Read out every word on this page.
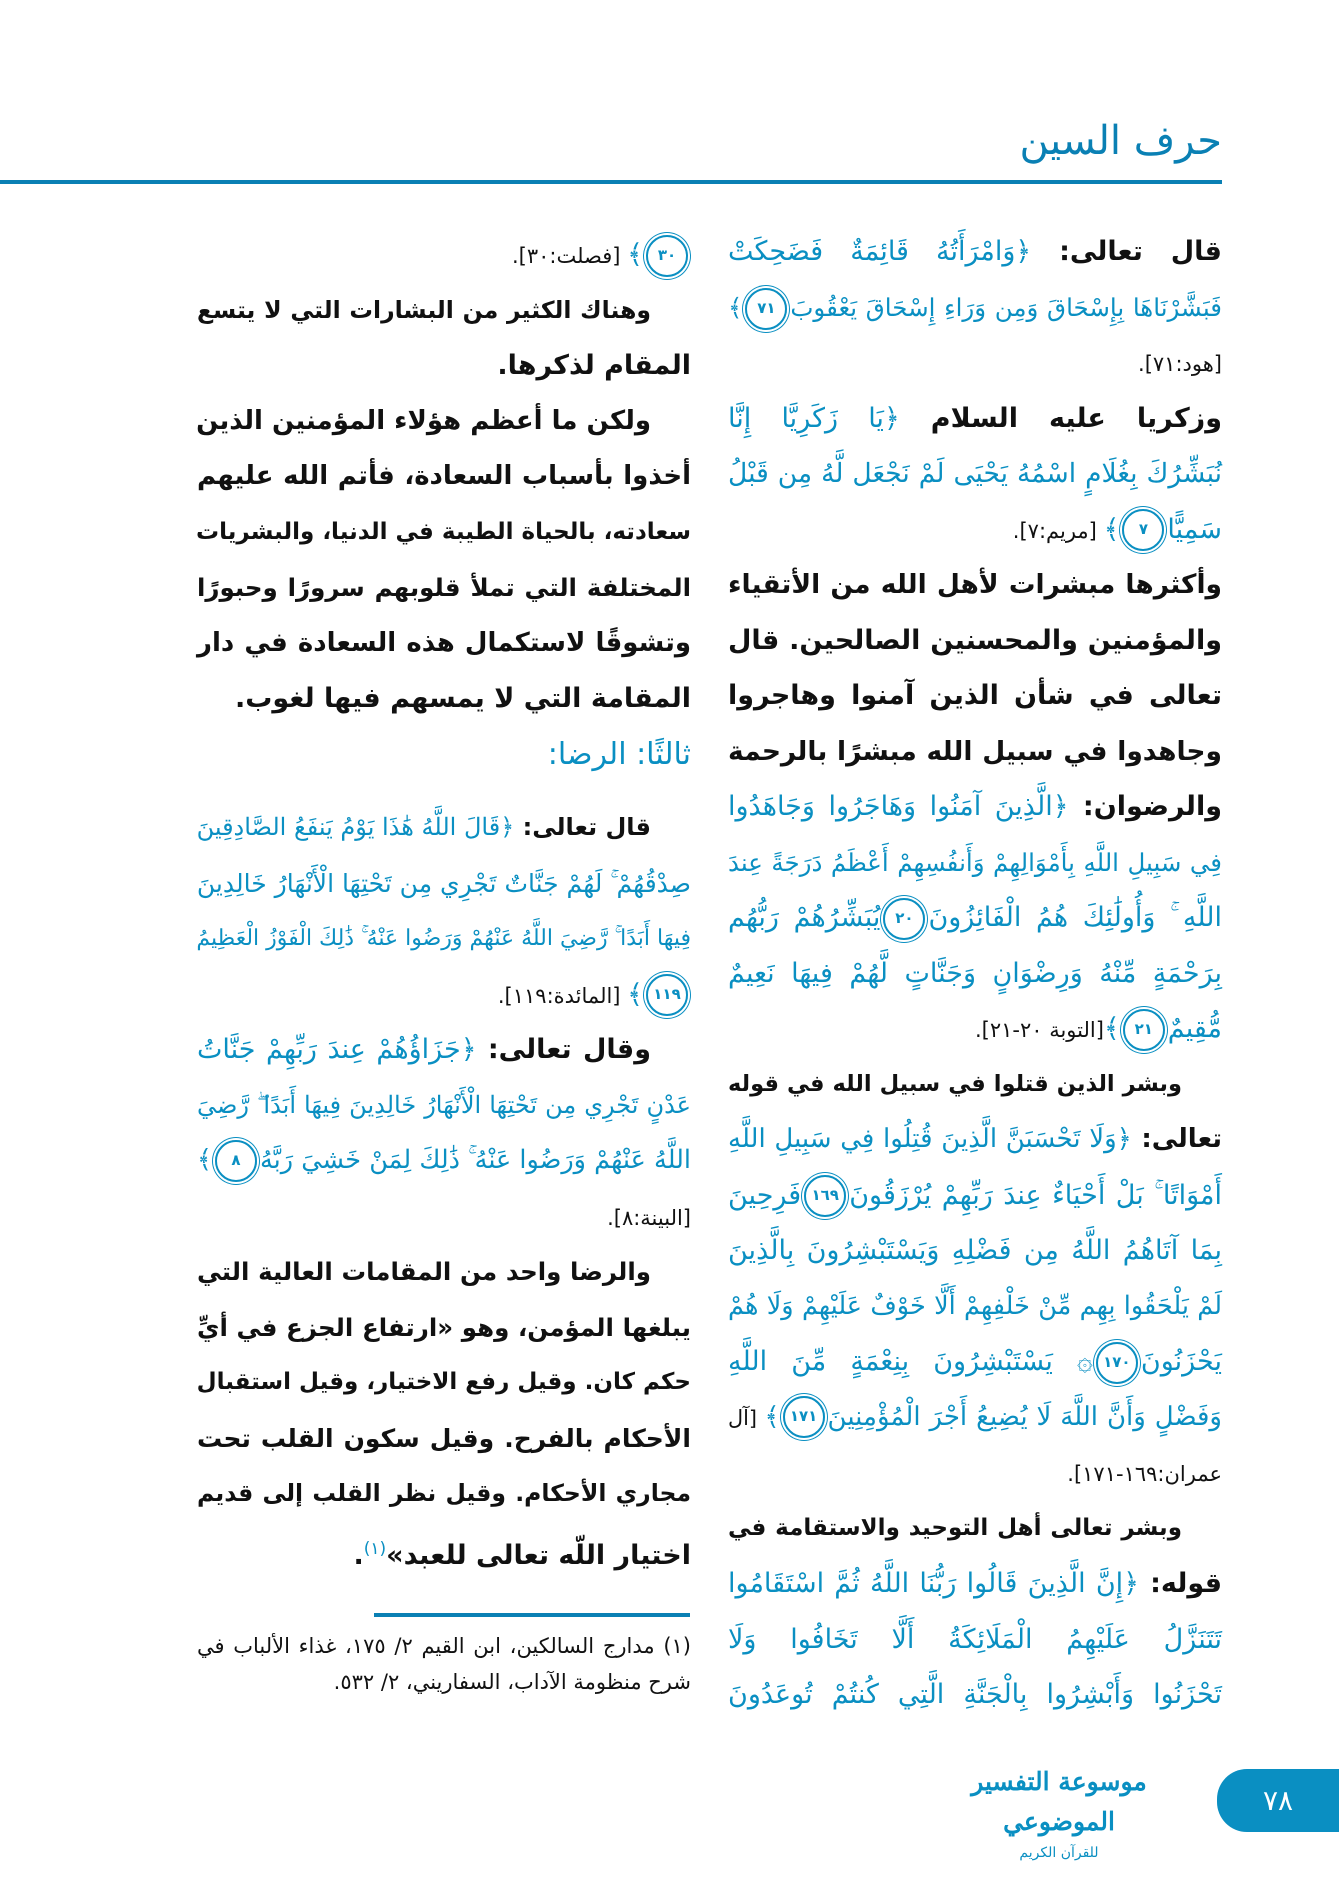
حرف السين
قال تعالى: ﴿وَامْرَأَتُهُ قَائِمَةٌ فَضَحِكَتْ
فَبَشَّرْنَاهَا بِإِسْحَاقَ وَمِن وَرَاءِ إِسْحَاقَ يَعْقُوبَ٧١﴾
[هود:٧١].
وزكريا عليه السلام ﴿يَا زَكَرِيَّا إِنَّا
نُبَشِّرُكَ بِغُلَامٍ اسْمُهُ يَحْيَى لَمْ نَجْعَل لَّهُ مِن قَبْلُ
سَمِيًّا٧﴾ [مريم:٧].
وأكثرها مبشرات لأهل الله من الأتقياء
والمؤمنين والمحسنين الصالحين. قال
تعالى في شأن الذين آمنوا وهاجروا
وجاهدوا في سبيل الله مبشرًا بالرحمة
والرضوان: ﴿الَّذِينَ آمَنُوا وَهَاجَرُوا وَجَاهَدُوا
فِي سَبِيلِ اللَّهِ بِأَمْوَالِهِمْ وَأَنفُسِهِمْ أَعْظَمُ دَرَجَةً عِندَ
اللَّهِ ۚ وَأُولَٰئِكَ هُمُ الْفَائِزُونَ٢٠يُبَشِّرُهُمْ رَبُّهُم
بِرَحْمَةٍ مِّنْهُ وَرِضْوَانٍ وَجَنَّاتٍ لَّهُمْ فِيهَا نَعِيمٌ
مُّقِيمٌ٢١﴾[التوبة ٢٠-٢١].
وبشر الذين قتلوا في سبيل الله في قوله
تعالى: ﴿وَلَا تَحْسَبَنَّ الَّذِينَ قُتِلُوا فِي سَبِيلِ اللَّهِ
أَمْوَاتًا ۚ بَلْ أَحْيَاءٌ عِندَ رَبِّهِمْ يُرْزَقُونَ١٦٩فَرِحِينَ
بِمَا آتَاهُمُ اللَّهُ مِن فَضْلِهِ وَيَسْتَبْشِرُونَ بِالَّذِينَ
لَمْ يَلْحَقُوا بِهِم مِّنْ خَلْفِهِمْ أَلَّا خَوْفٌ عَلَيْهِمْ وَلَا هُمْ
يَحْزَنُونَ١٧٠۞ يَسْتَبْشِرُونَ بِنِعْمَةٍ مِّنَ اللَّهِ
وَفَضْلٍ وَأَنَّ اللَّهَ لَا يُضِيعُ أَجْرَ الْمُؤْمِنِينَ١٧١﴾ [آل
عمران:١٦٩-١٧١].
وبشر تعالى أهل التوحيد والاستقامة في
قوله: ﴿إِنَّ الَّذِينَ قَالُوا رَبُّنَا اللَّهُ ثُمَّ اسْتَقَامُوا
تَتَنَزَّلُ عَلَيْهِمُ الْمَلَائِكَةُ أَلَّا تَخَافُوا وَلَا
تَحْزَنُوا وَأَبْشِرُوا بِالْجَنَّةِ الَّتِي كُنتُمْ تُوعَدُونَ
٣٠﴾ [فصلت:٣٠].
وهناك الكثير من البشارات التي لا يتسع
المقام لذكرها.
ولكن ما أعظم هؤلاء المؤمنين الذين
أخذوا بأسباب السعادة، فأتم الله عليهم
سعادته، بالحياة الطيبة في الدنيا، والبشريات
المختلفة التي تملأ قلوبهم سرورًا وحبورًا
وتشوقًا لاستكمال هذه السعادة في دار
المقامة التي لا يمسهم فيها لغوب.
ثالثًا: الرضا:
قال تعالى: ﴿قَالَ اللَّهُ هَٰذَا يَوْمُ يَنفَعُ الصَّادِقِينَ
صِدْقُهُمْ ۚ لَهُمْ جَنَّاتٌ تَجْرِي مِن تَحْتِهَا الْأَنْهَارُ خَالِدِينَ
فِيهَا أَبَدًا ۚ رَّضِيَ اللَّهُ عَنْهُمْ وَرَضُوا عَنْهُ ۚ ذَٰلِكَ الْفَوْزُ الْعَظِيمُ
١١٩﴾ [المائدة:١١٩].
وقال تعالى: ﴿جَزَاؤُهُمْ عِندَ رَبِّهِمْ جَنَّاتُ
عَدْنٍ تَجْرِي مِن تَحْتِهَا الْأَنْهَارُ خَالِدِينَ فِيهَا أَبَدًا ۖ رَّضِيَ
اللَّهُ عَنْهُمْ وَرَضُوا عَنْهُ ۚ ذَٰلِكَ لِمَنْ خَشِيَ رَبَّهُ٨﴾
[البينة:٨].
والرضا واحد من المقامات العالية التي
يبلغها المؤمن، وهو «ارتفاع الجزع في أيِّ
حكم كان. وقيل رفع الاختيار، وقيل استقبال
الأحكام بالفرح. وقيل سكون القلب تحت
مجاري الأحكام. وقيل نظر القلب إلى قديم
اختيار اللّه تعالى للعبد»$^{(١)}$.
(١) مدارج السالكين، ابن القيم ٢/ ١٧٥، غذاء الألباب في شرح منظومة الآداب، السفاريني، ٢/ ٥٣٢.
موسوعة التفسير الموضوعي
للقرآن الكريم
٧٨
